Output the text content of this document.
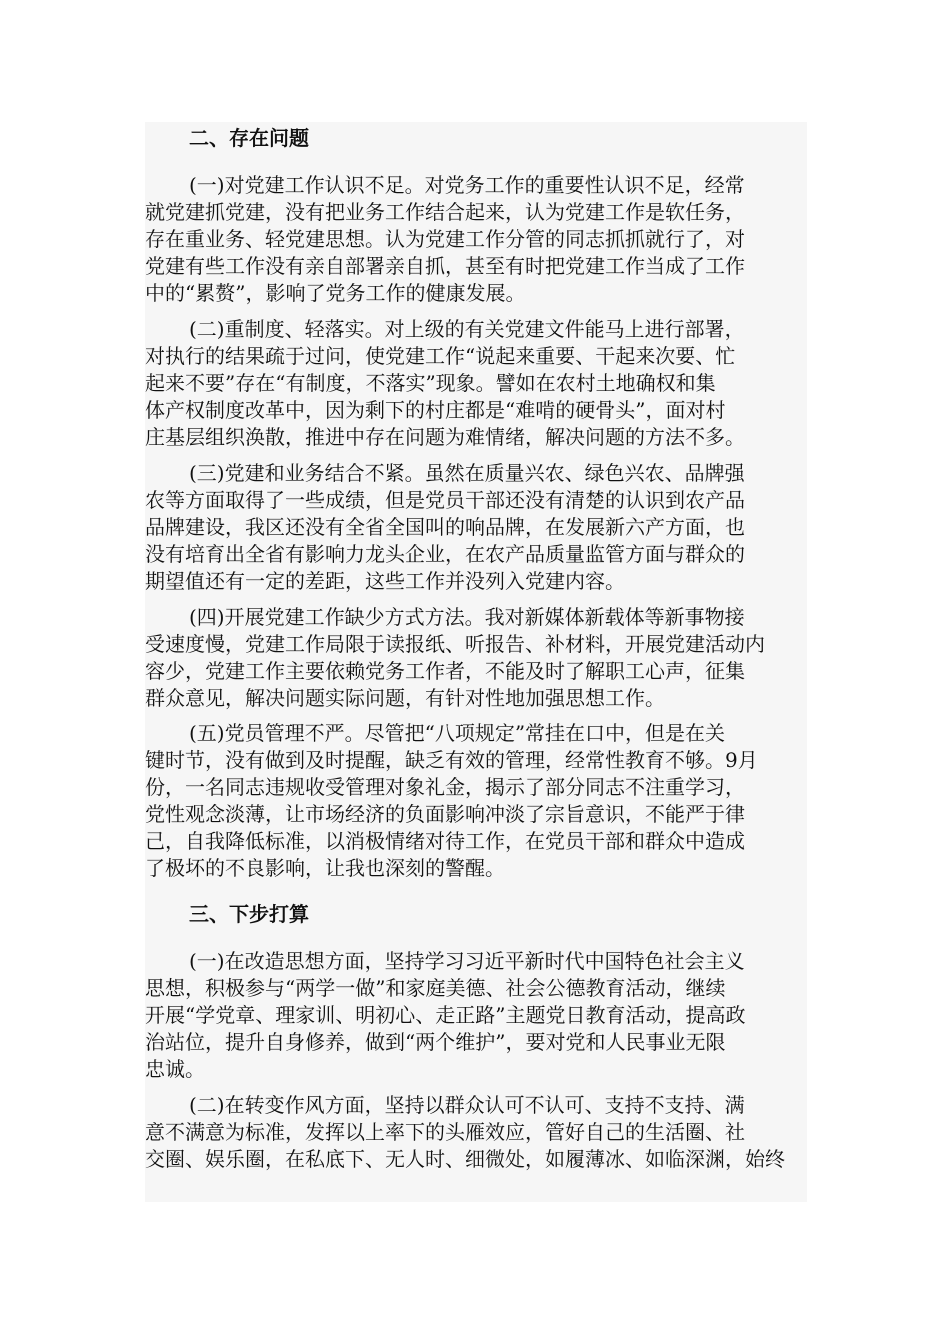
二、存在问题
(一)对党建工作认识不足。对党务工作的重要性认识不足，经常
就党建抓党建，没有把业务工作结合起来，认为党建工作是软任务，
存在重业务、轻党建思想。认为党建工作分管的同志抓抓就行了，对
党建有些工作没有亲自部署亲自抓，甚至有时把党建工作当成了工作
中的“累赘”，影响了党务工作的健康发展。
(二)重制度、轻落实。对上级的有关党建文件能马上进行部署，
对执行的结果疏于过问，使党建工作“说起来重要、干起来次要、忙
起来不要”存在“有制度，不落实”现象。譬如在农村土地确权和集
体产权制度改革中，因为剩下的村庄都是“难啃的硬骨头”，面对村
庄基层组织涣散，推进中存在问题为难情绪，解决问题的方法不多。
(三)党建和业务结合不紧。虽然在质量兴农、绿色兴农、品牌强
农等方面取得了一些成绩，但是党员干部还没有清楚的认识到农产品
品牌建设，我区还没有全省全国叫的响品牌，在发展新六产方面，也
没有培育出全省有影响力龙头企业，在农产品质量监管方面与群众的
期望值还有一定的差距，这些工作并没列入党建内容。
(四)开展党建工作缺少方式方法。我对新媒体新载体等新事物接
受速度慢，党建工作局限于读报纸、听报告、补材料，开展党建活动内
容少，党建工作主要依赖党务工作者，不能及时了解职工心声，征集
群众意见，解决问题实际问题，有针对性地加强思想工作。
(五)党员管理不严。尽管把“八项规定”常挂在口中，但是在关
键时节，没有做到及时提醒，缺乏有效的管理，经常性教育不够。9月
份，一名同志违规收受管理对象礼金，揭示了部分同志不注重学习，
党性观念淡薄，让市场经济的负面影响冲淡了宗旨意识，不能严于律
己，自我降低标准，以消极情绪对待工作，在党员干部和群众中造成
了极坏的不良影响，让我也深刻的警醒。
三、下步打算
(一)在改造思想方面，坚持学习习近平新时代中国特色社会主义
思想，积极参与“两学一做”和家庭美德、社会公德教育活动，继续
开展“学党章、理家训、明初心、走正路”主题党日教育活动，提高政
治站位，提升自身修养，做到“两个维护”，要对党和人民事业无限
忠诚。
(二)在转变作风方面，坚持以群众认可不认可、支持不支持、满
意不满意为标准，发挥以上率下的头雁效应，管好自己的生活圈、社
交圈、娱乐圈，在私底下、无人时、细微处，如履薄冰、如临深渊，始终
